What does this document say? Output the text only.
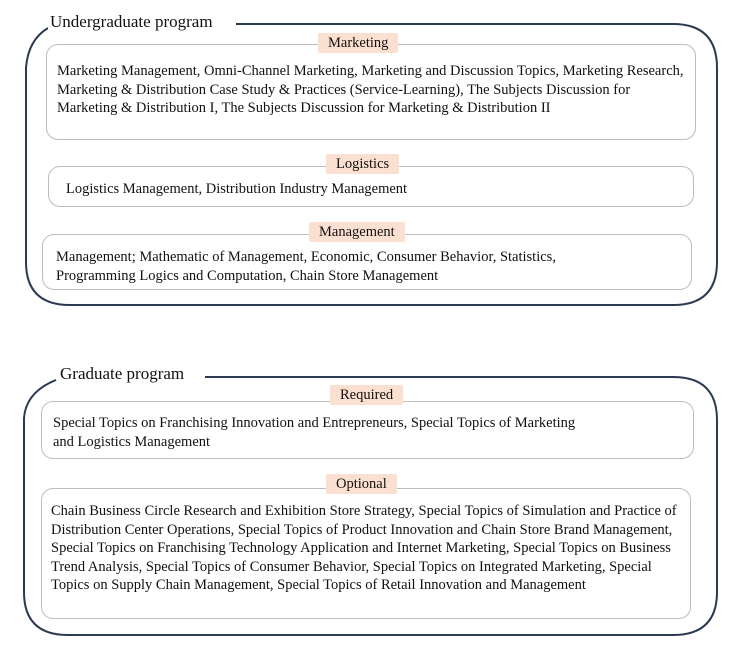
Undergraduate program
Marketing
Marketing Management, Omni-Channel Marketing, Marketing and Discussion Topics, Marketing Research, Marketing & Distribution Case Study & Practices (Service-Learning), The Subjects Discussion for Marketing & Distribution I, The Subjects Discussion for Marketing & Distribution II
Logistics
Logistics Management, Distribution Industry Management
Management
Management; Mathematic of Management, Economic, Consumer Behavior, Statistics, Programming Logics and Computation, Chain Store Management
Graduate program
Required
Special Topics on Franchising Innovation and Entrepreneurs, Special Topics of Marketing and Logistics Management
Optional
Chain Business Circle Research and Exhibition Store Strategy, Special Topics of Simulation and Practice of Distribution Center Operations, Special Topics of Product Innovation and Chain Store Brand Management, Special Topics on Franchising Technology Application and Internet Marketing, Special Topics on Business Trend Analysis, Special Topics of Consumer Behavior, Special Topics on Integrated Marketing, Special Topics on Supply Chain Management, Special Topics of Retail Innovation and Management
